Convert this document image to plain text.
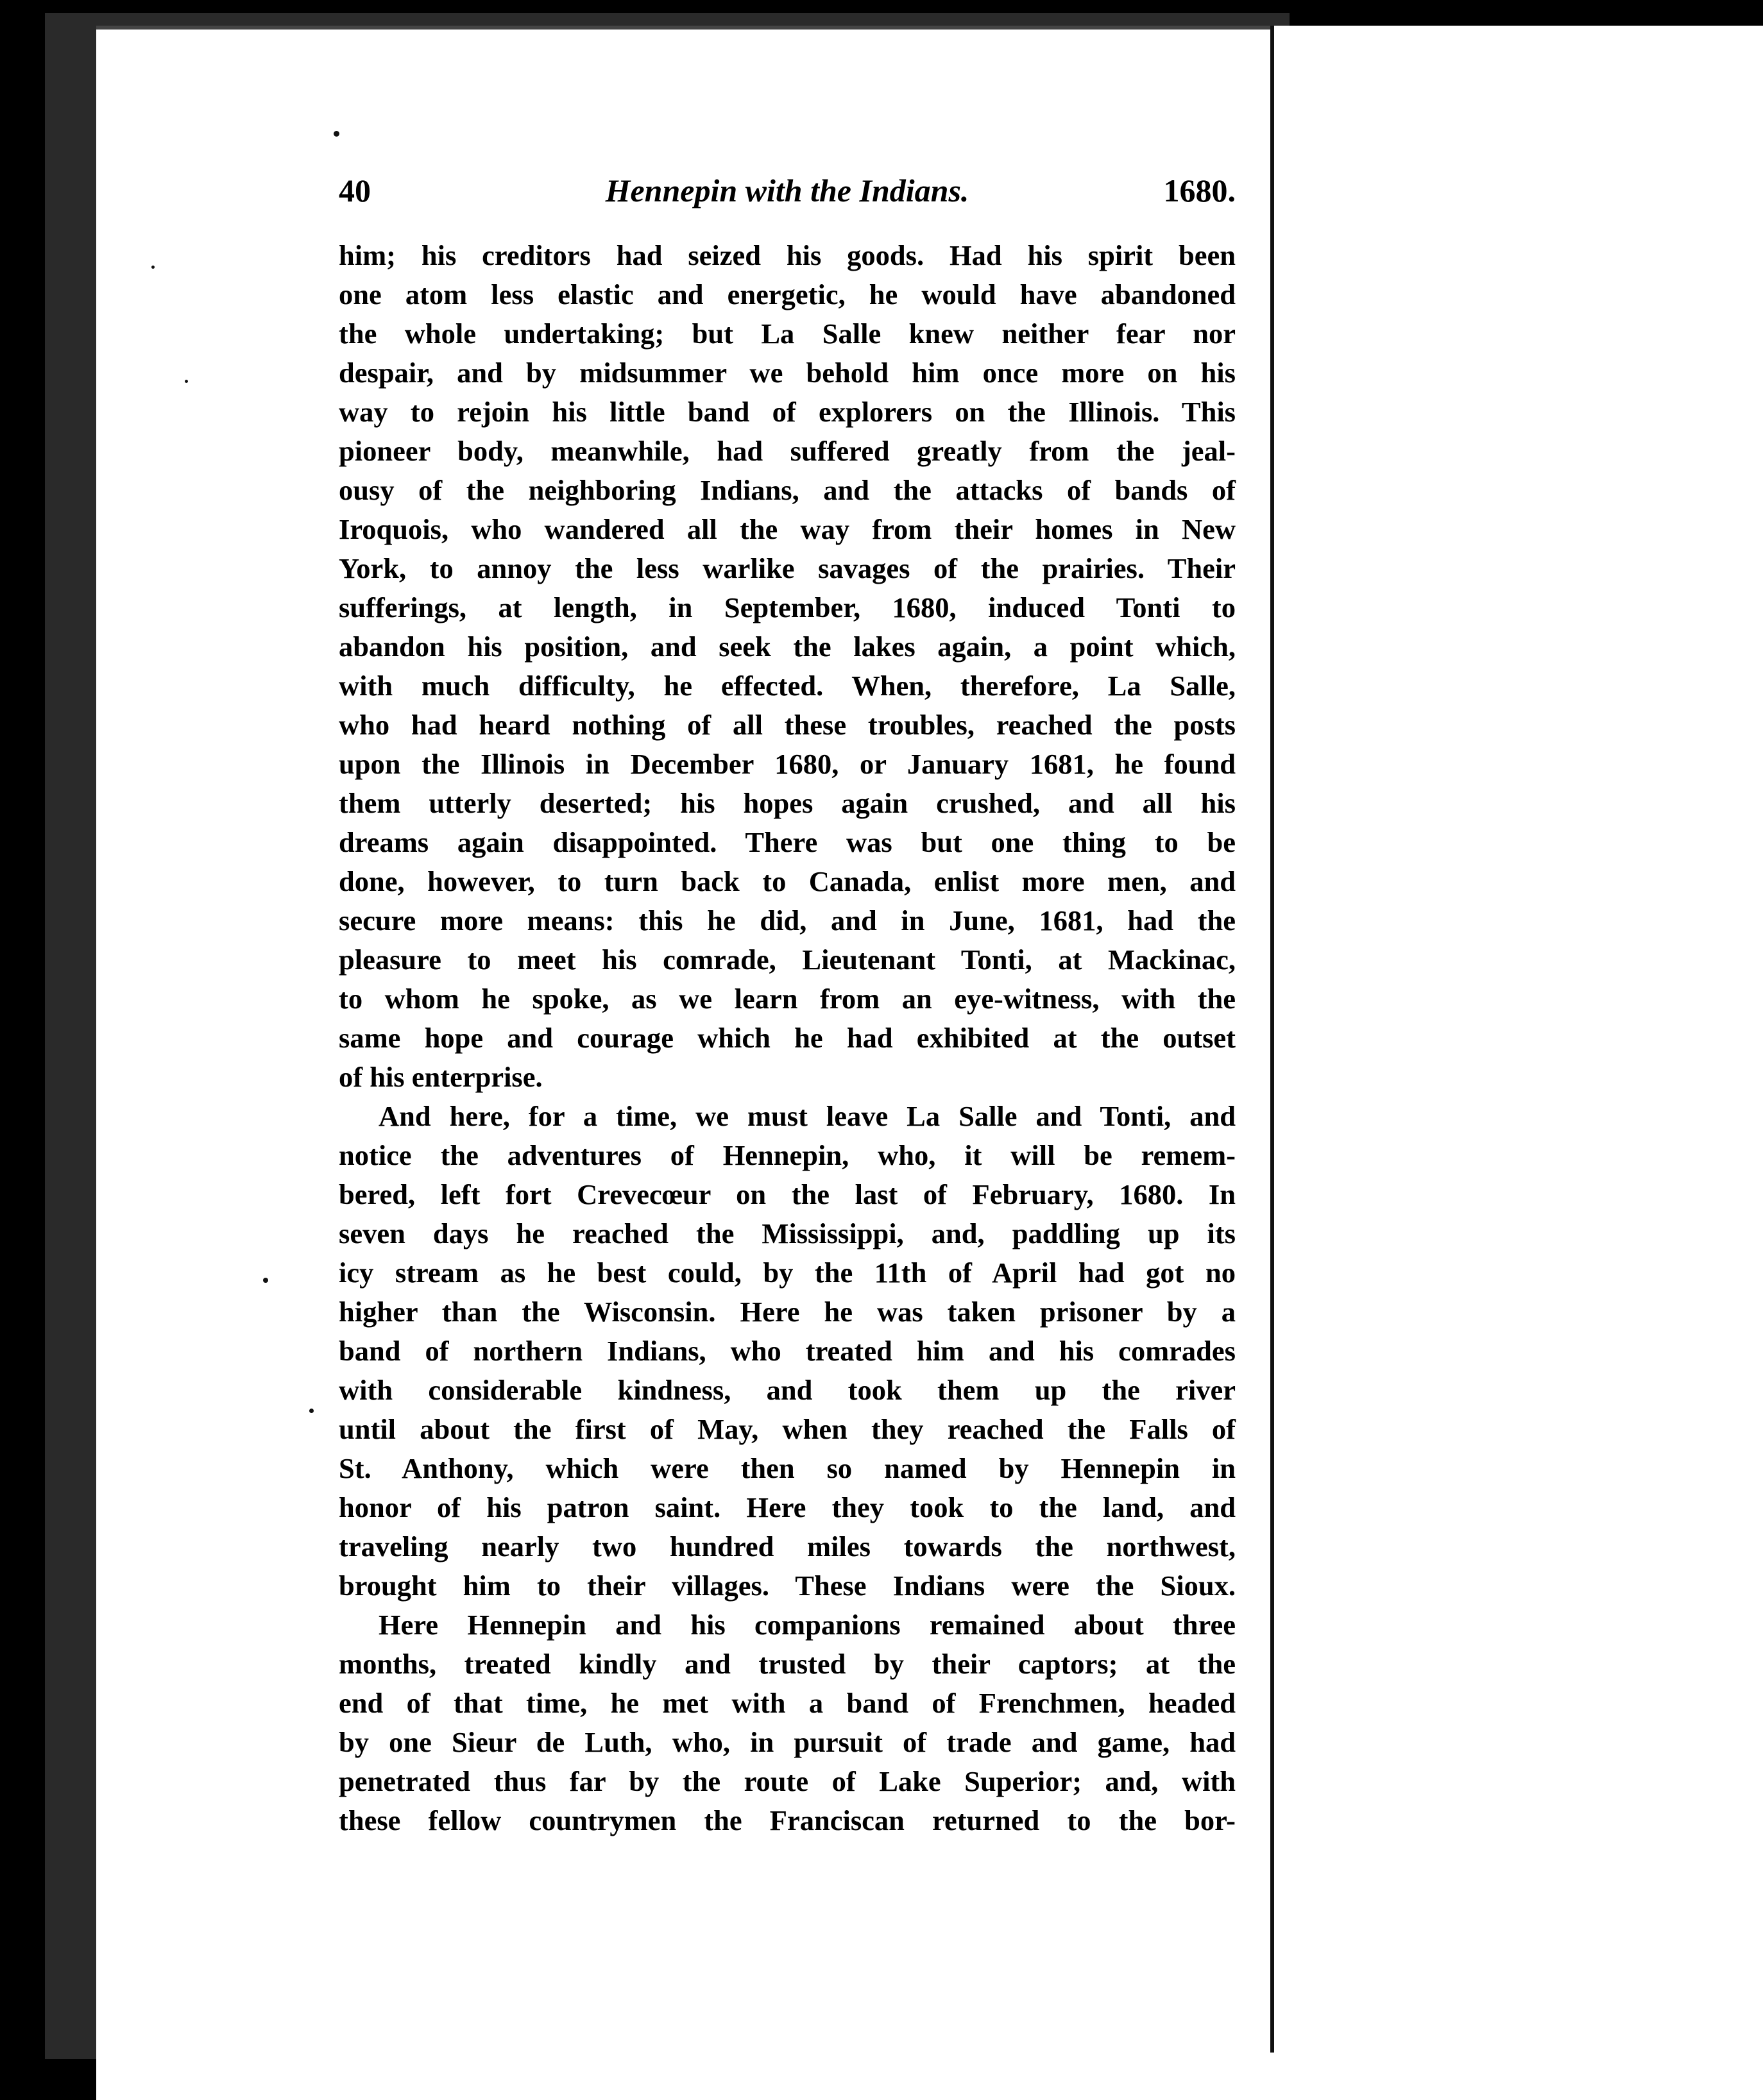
40	Hennepin with the Indians.	1680.
him; his creditors had seized his goods. Had his spirit been
one atom less elastic and energetic, he would have abandoned
the whole undertaking; but La Salle knew neither fear nor
despair, and by midsummer we behold him once more on his
way to rejoin his little band of explorers on the Illinois. This
pioneer body, meanwhile, had suffered greatly from the jeal-
ousy of the neighboring Indians, and the attacks of bands of
Iroquois, who wandered all the way from their homes in New
York, to annoy the less warlike savages of the prairies. Their
sufferings, at length, in September, 1680, induced Tonti to
abandon his position, and seek the lakes again, a point which,
with much difficulty, he effected. When, therefore, La Salle,
who had heard nothing of all these troubles, reached the posts
upon the Illinois in December 1680, or January 1681, he found
them utterly deserted; his hopes again crushed, and all his
dreams again disappointed. There was but one thing to be
done, however, to turn back to Canada, enlist more men, and
secure more means: this he did, and in June, 1681, had the
pleasure to meet his comrade, Lieutenant Tonti, at Mackinac,
to whom he spoke, as we learn from an eye-witness, with the
same hope and courage which he had exhibited at the outset
of his enterprise.
And here, for a time, we must leave La Salle and Tonti, and
notice the adventures of Hennepin, who, it will be remem-
bered, left fort Crevecœur on the last of February, 1680. In
seven days he reached the Mississippi, and, paddling up its
icy stream as he best could, by the 11th of April had got no
higher than the Wisconsin. Here he was taken prisoner by a
band of northern Indians, who treated him and his comrades
with considerable kindness, and took them up the river
until about the first of May, when they reached the Falls of
St. Anthony, which were then so named by Hennepin in
honor of his patron saint. Here they took to the land, and
traveling nearly two hundred miles towards the northwest,
brought him to their villages. These Indians were the Sioux.
Here Hennepin and his companions remained about three
months, treated kindly and trusted by their captors; at the
end of that time, he met with a band of Frenchmen, headed
by one Sieur de Luth, who, in pursuit of trade and game, had
penetrated thus far by the route of Lake Superior; and, with
these fellow countrymen the Franciscan returned to the bor-
